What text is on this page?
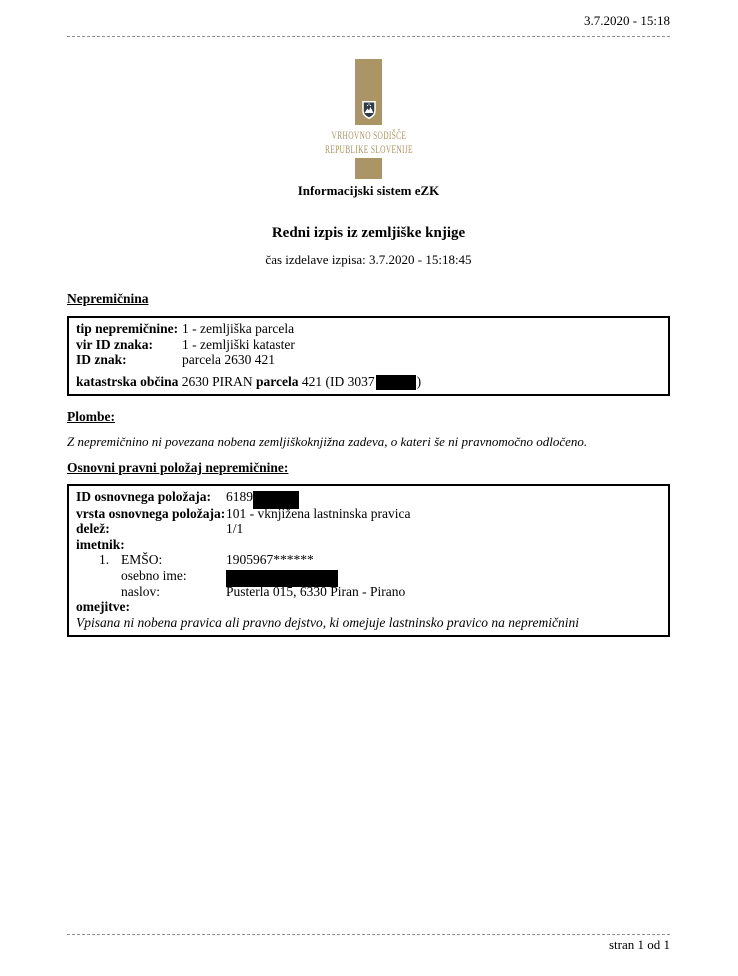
3.7.2020 - 15:18
VRHOVNO SODIŠČE
REPUBLIKE SLOVENIJE
Informacijski sistem eZK
Redni izpis iz zemljiške knjige
čas izdelave izpisa: 3.7.2020 - 15:18:45
Nepremičnina
tip nepremičnine: 1 - zemljiška parcela
vir ID znaka:	1 - zemljiški kataster
ID znak:	parcela 2630 421
katastrska občina 2630 PIRAN parcela 421 (ID 3037	)
Plombe:
Z nepremičnino ni povezana nobena zemljiškoknjižna zadeva, o kateri še ni pravnomočno odločeno.
Osnovni pravni položaj nepremičnine:
ID osnovnega položaja:	6189
vrsta osnovnega položaja: 101 - vknjižena lastninska pravica
delež:	1/1
imetnik:
1. EMŠO:	1905967******
osebno ime:
naslov:	Pusterla 015, 6330 Piran - Pirano
omejitve:
Vpisana ni nobena pravica ali pravno dejstvo, ki omejuje lastninsko pravico na nepremičnini
stran 1 od 1
